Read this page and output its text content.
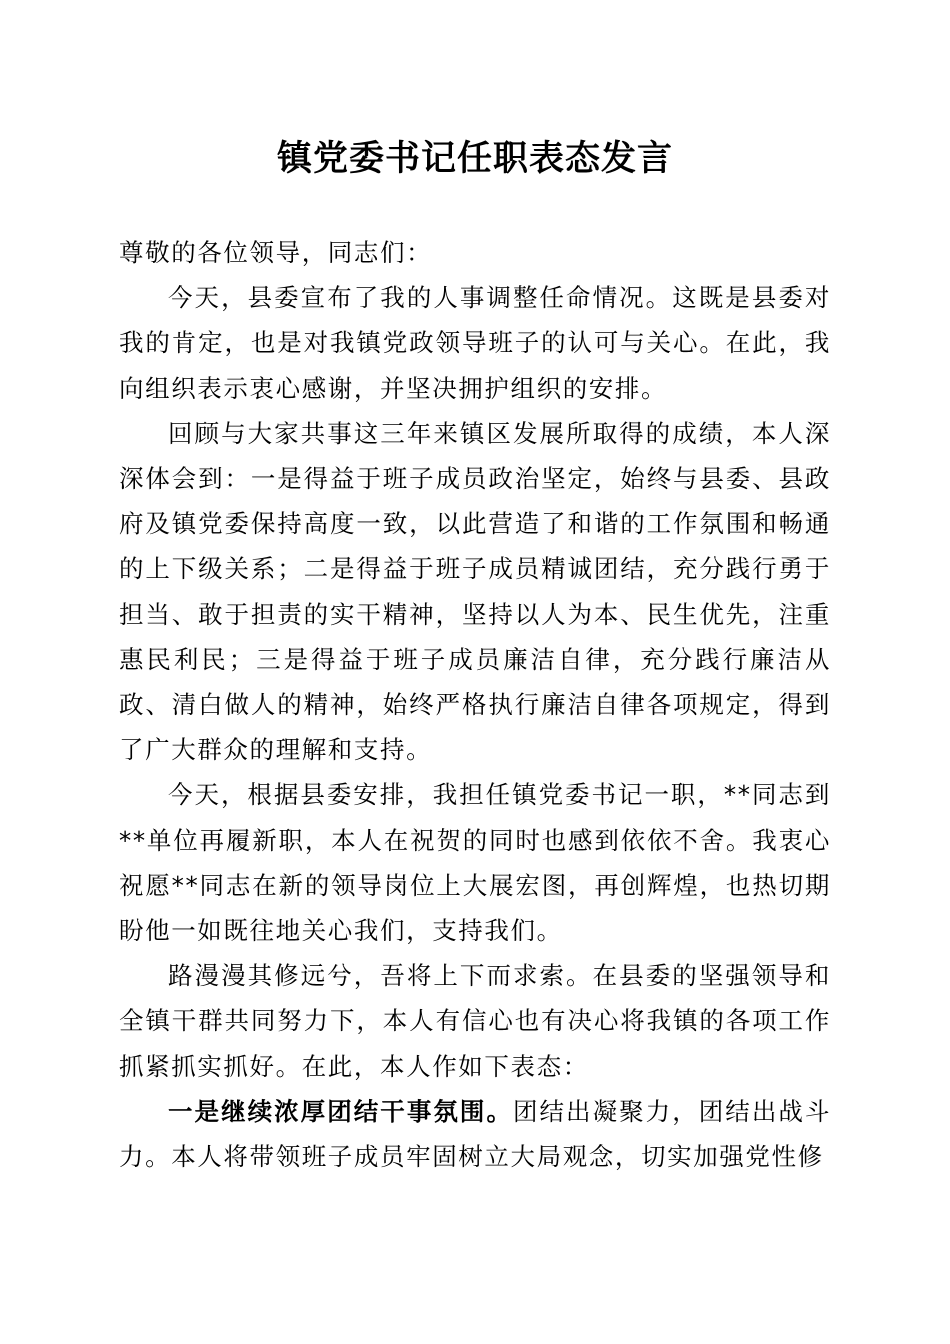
镇党委书记任职表态发言

尊敬的各位领导，同志们：

今天，县委宣布了我的人事调整任命情况。这既是县委对我的肯定，也是对我镇党政领导班子的认可与关心。在此，我向组织表示衷心感谢，并坚决拥护组织的安排。

回顾与大家共事这三年来镇区发展所取得的成绩，本人深深体会到：一是得益于班子成员政治坚定，始终与县委、县政府及镇党委保持高度一致，以此营造了和谐的工作氛围和畅通的上下级关系；二是得益于班子成员精诚团结，充分践行勇于担当、敢于担责的实干精神，坚持以人为本、民生优先，注重惠民利民；三是得益于班子成员廉洁自律，充分践行廉洁从政、清白做人的精神，始终严格执行廉洁自律各项规定，得到了广大群众的理解和支持。

今天，根据县委安排，我担任镇党委书记一职，**同志到**单位再履新职，本人在祝贺的同时也感到依依不舍。我衷心祝愿**同志在新的领导岗位上大展宏图，再创辉煌，也热切期盼他一如既往地关心我们，支持我们。

路漫漫其修远兮，吾将上下而求索。在县委的坚强领导和全镇干群共同努力下，本人有信心也有决心将我镇的各项工作抓紧抓实抓好。在此，本人作如下表态：

一是继续浓厚团结干事氛围。团结出凝聚力，团结出战斗力。本人将带领班子成员牢固树立大局观念，切实加强党性修
